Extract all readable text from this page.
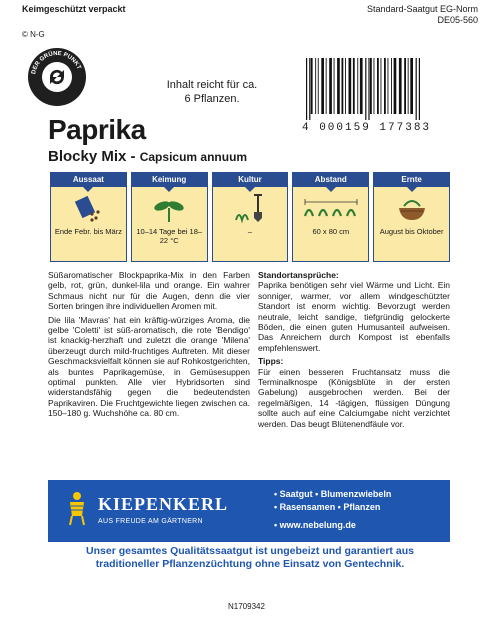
Keimgeschützt verpackt	Standard-Saatgut EG-Norm
DE05-560
© N-G
DER GRÜNE PUNKT
Inhalt reicht für ca.
6 Pflanzen.
4 000159 177383
Paprika
Blocky Mix - Capsicum annuum
Aussaat
Ende Febr. bis März
Keimung
10–14 Tage bei 18–22 °C
Kultur
–
Abstand
60 x 80 cm
Ernte
August bis Oktober

Süßaromatischer Blockpaprika-Mix in den Farben gelb, rot, grün, dunkel-lila und orange. Ein wahrer Schmaus nicht nur für die Augen, denn die vier Sorten bringen ihre individuellen Aromen mit.

Die lila 'Mavras' hat ein kräftig-würziges Aroma, die gelbe 'Coletti' ist süß-aromatisch, die rote 'Bendigo' ist knackig-herzhaft und zuletzt die orange 'Milena' überzeugt durch mild-fruchtiges Auftreten. Mit dieser Geschmacksvielfalt können sie auf Rohkostgerichten, als buntes Paprikagemüse, in Gemüsesuppen optimal punkten. Alle vier Hybridsorten sind widerstandsfähig gegen die bedeutendsten Paprikaviren. Die Fruchtgewichte liegen zwischen ca. 150–180 g. Wuchshöhe ca. 80 cm.

Standortansprüche:

Paprika benötigen sehr viel Wärme und Licht. Ein sonniger, warmer, vor allem windgeschützter Standort ist enorm wichtig. Bevorzugt werden neutrale, leicht sandige, tiefgründig gelockerte Böden, die einen guten Humusanteil aufweisen. Das Anreichern durch Kompost ist ebenfalls empfehlenswert.

Tipps:

Für einen besseren Fruchtansatz muss die Terminalknospe (Königsblüte in der ersten Gabelung) ausgebrochen werden. Bei der regelmäßigen, 14 -tägigen, flüssigen Düngung sollte auch auf eine Calciumgabe nicht verzichtet werden. Das beugt Blütenendfäule vor.

KIEPENKERL
AUS FREUDE AM GÄRTNERN
• Saatgut • Blumenzwiebeln
• Rasensamen • Pflanzen
• www.nebelung.de
Unser gesamtes Qualitätssaatgut ist ungebeizt und garantiert aus
traditioneller Pflanzenzüchtung ohne Einsatz von Gentechnik.
N1709342
